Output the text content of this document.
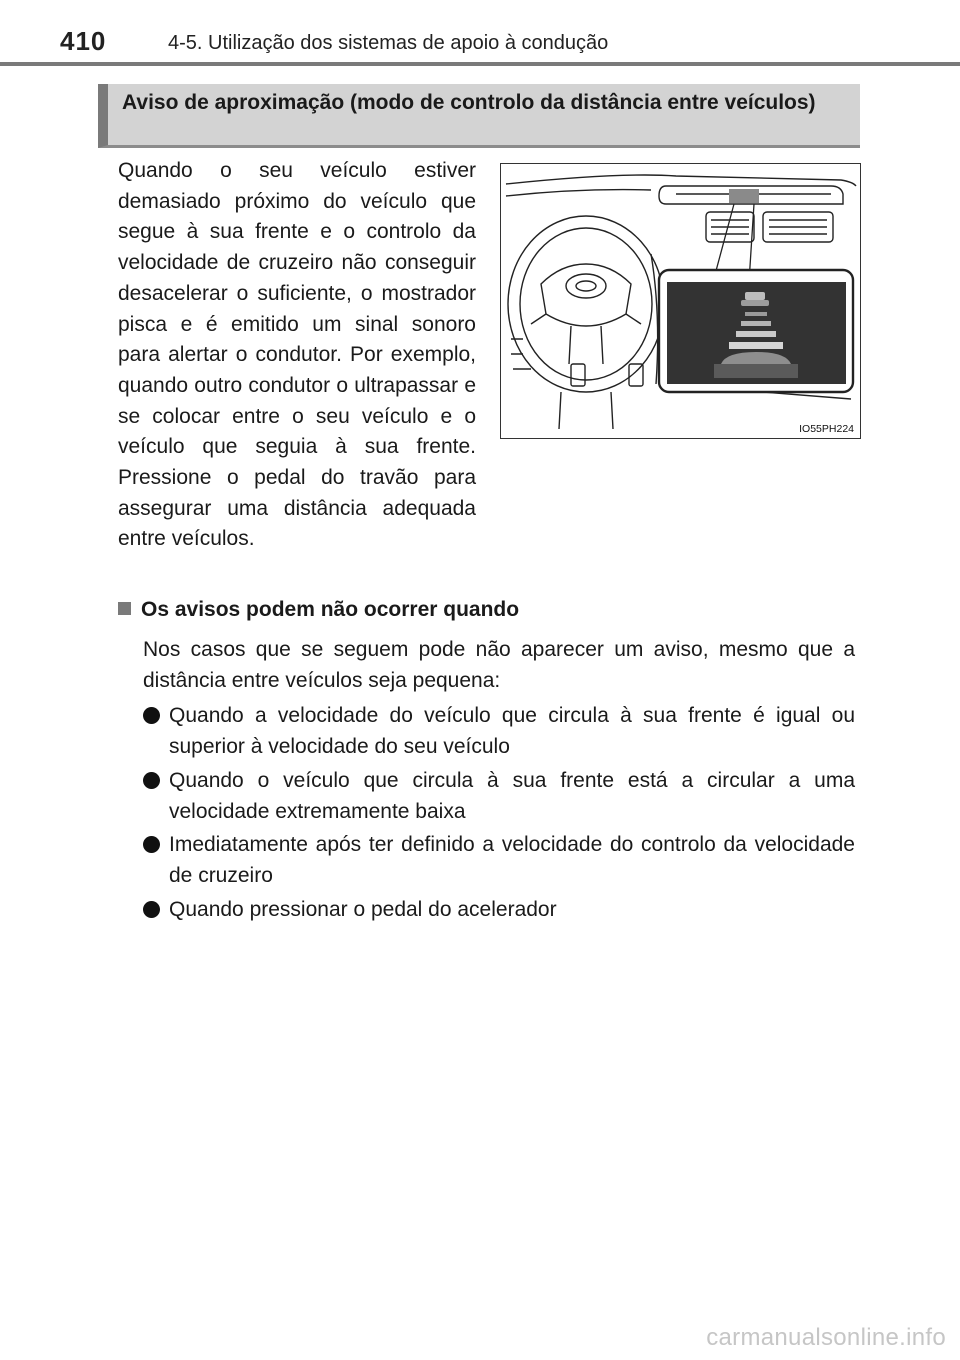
410	4-5. Utilização dos sistemas de apoio à condução
Aviso de aproximação (modo de controlo da distância entre veículos)
Quando o seu veículo estiver demasiado próximo do veículo que segue à sua frente e o controlo da velocidade de cruzeiro não conseguir desacelerar o suficiente, o mostrador pisca e é emitido um sinal sonoro para alertar o condutor. Por exemplo, quando outro condutor o ultrapassar e se colocar entre o seu veículo e o veículo que seguia à sua frente. Pressione o pedal do travão para assegurar uma distância adequada entre veículos.
IO55PH224
Os avisos podem não ocorrer quando
Nos casos que se seguem pode não aparecer um aviso, mesmo que a distância entre veículos seja pequena:
Quando a velocidade do veículo que circula à sua frente é igual ou superior à velocidade do seu veículo
Quando o veículo que circula à sua frente está a circular a uma velocidade extremamente baixa
Imediatamente após ter definido a velocidade do controlo da velocidade de cruzeiro
Quando pressionar o pedal do acelerador
carmanualsonline.info
